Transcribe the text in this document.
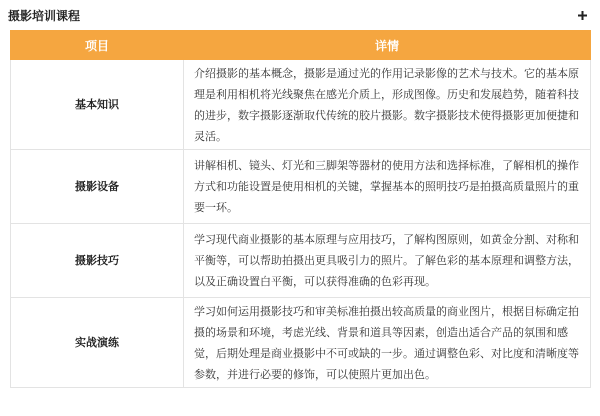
摄影培训课程
项目	详情
基本知识	介绍摄影的基本概念，摄影是通过光的作用记录影像的艺术与技术。它的基本原理是利用相机将光线聚焦在感光介质上，形成图像。历史和发展趋势，随着科技的进步，数字摄影逐渐取代传统的胶片摄影。数字摄影技术使得摄影更加便捷和灵活。
摄影设备	讲解相机、镜头、灯光和三脚架等器材的使用方法和选择标准，了解相机的操作方式和功能设置是使用相机的关键，掌握基本的照明技巧是拍摄高质量照片的重要一环。
摄影技巧	学习现代商业摄影的基本原理与应用技巧，了解构图原则，如黄金分割、对称和平衡等，可以帮助拍摄出更具吸引力的照片。了解色彩的基本原理和调整方法，以及正确设置白平衡，可以获得准确的色彩再现。
实战演练	学习如何运用摄影技巧和审美标准拍摄出较高质量的商业图片，根据目标确定拍摄的场景和环境，考虑光线、背景和道具等因素，创造出适合产品的氛围和感觉，后期处理是商业摄影中不可或缺的一步。通过调整色彩、对比度和清晰度等参数，并进行必要的修饰，可以使照片更加出色。
